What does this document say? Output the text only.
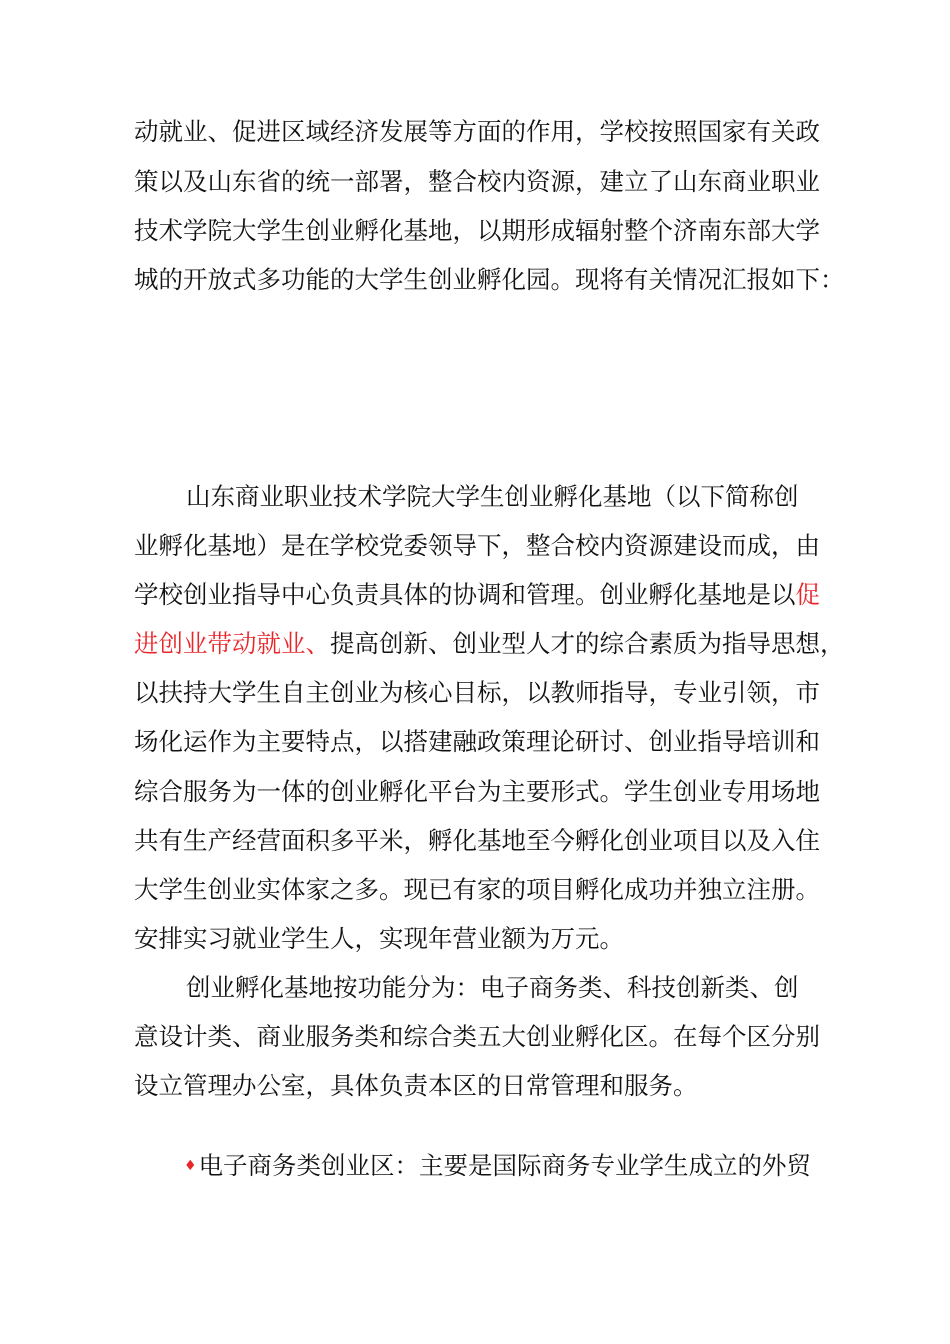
动就业、促进区域经济发展等方面的作用，学校按照国家有关政
策以及山东省的统一部署，整合校内资源，建立了山东商业职业
技术学院大学生创业孵化基地，以期形成辐射整个济南东部大学
城的开放式多功能的大学生创业孵化园。现将有关情况汇报如下：
山东商业职业技术学院大学生创业孵化基地（以下简称创
业孵化基地）是在学校党委领导下，整合校内资源建设而成，由
学校创业指导中心负责具体的协调和管理。创业孵化基地是以促
进创业带动就业、提高创新、创业型人才的综合素质为指导思想，
以扶持大学生自主创业为核心目标，以教师指导，专业引领，市
场化运作为主要特点，以搭建融政策理论研讨、创业指导培训和
综合服务为一体的创业孵化平台为主要形式。学生创业专用场地
共有生产经营面积多平米，孵化基地至今孵化创业项目以及入住
大学生创业实体家之多。现已有家的项目孵化成功并独立注册。
安排实习就业学生人，实现年营业额为万元。
创业孵化基地按功能分为：电子商务类、科技创新类、创
意设计类、商业服务类和综合类五大创业孵化区。在每个区分别
设立管理办公室，具体负责本区的日常管理和服务。
♦电子商务类创业区：主要是国际商务专业学生成立的外贸
